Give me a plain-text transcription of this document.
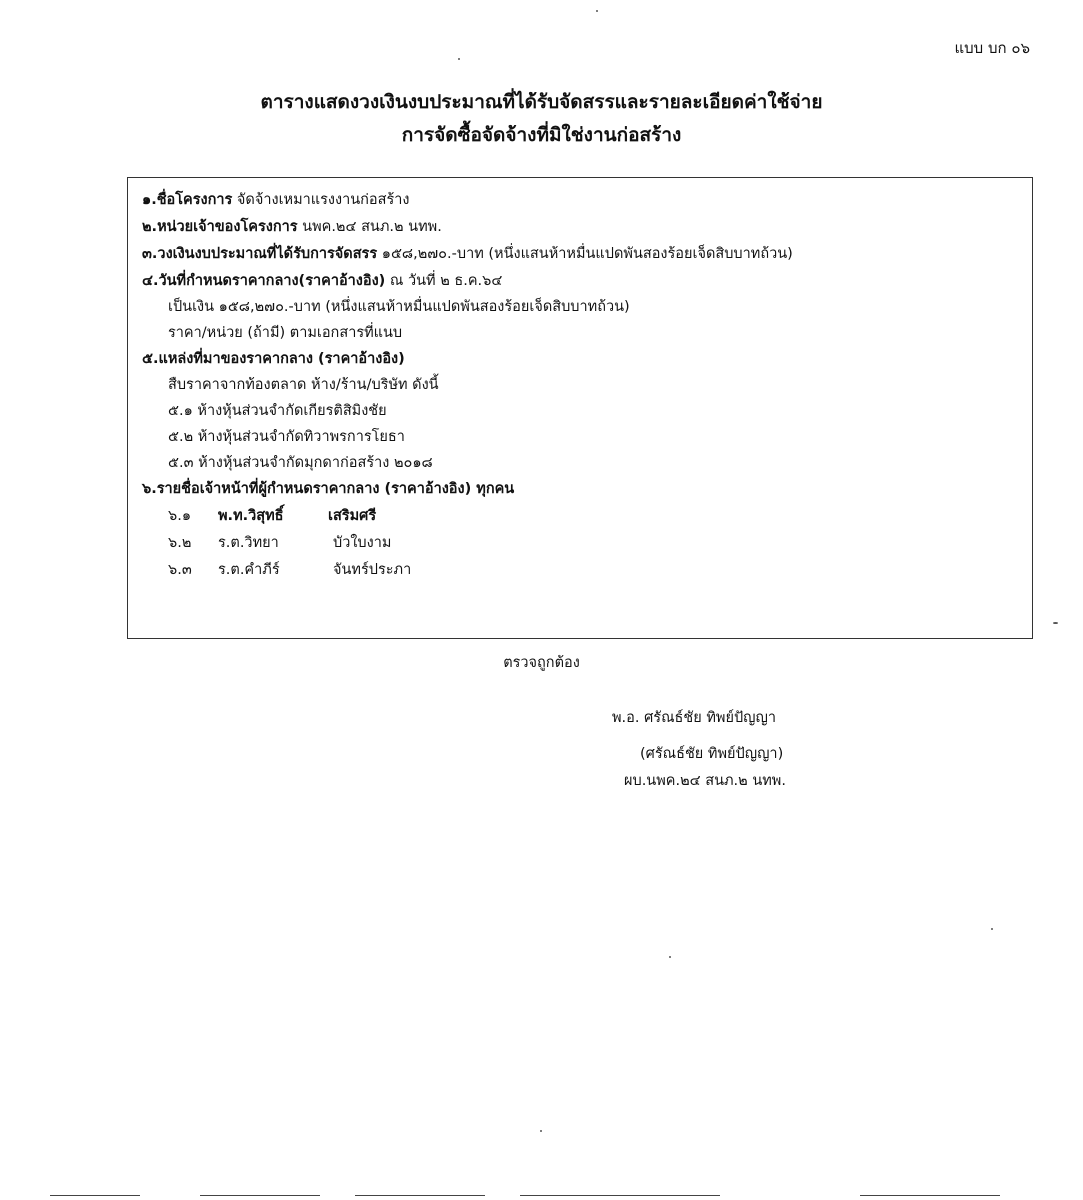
แบบ บก ๐๖
ตารางแสดงวงเงินงบประมาณที่ได้รับจัดสรรและรายละเอียดค่าใช้จ่าย
การจัดซื้อจัดจ้างที่มิใช่งานก่อสร้าง
๑.ชื่อโครงการ จัดจ้างเหมาแรงงานก่อสร้าง
๒.หน่วยเจ้าของโครงการ นพค.๒๔ สนภ.๒ นทพ.
๓.วงเงินงบประมาณที่ได้รับการจัดสรร ๑๕๘,๒๗๐.-บาท (หนึ่งแสนห้าหมื่นแปดพันสองร้อยเจ็ดสิบบาทถ้วน)
๔.วันที่กำหนดราคากลาง(ราคาอ้างอิง) ณ วันที่ ๒ ธ.ค.๖๔
เป็นเงิน ๑๕๘,๒๗๐.-บาท (หนึ่งแสนห้าหมื่นแปดพันสองร้อยเจ็ดสิบบาทถ้วน)
ราคา/หน่วย (ถ้ามี) ตามเอกสารที่แนบ
๕.แหล่งที่มาของราคากลาง (ราคาอ้างอิง)
สืบราคาจากท้องตลาด ห้าง/ร้าน/บริษัท ดังนี้
๕.๑ ห้างหุ้นส่วนจำกัดเกียรติสิมิงชัย
๕.๒ ห้างหุ้นส่วนจำกัดทิวาพรการโยธา
๕.๓ ห้างหุ้นส่วนจำกัดมุกดาก่อสร้าง ๒๐๑๘
๖.รายชื่อเจ้าหน้าที่ผู้กำหนดราคากลาง (ราคาอ้างอิง) ทุกคน
๖.๑ พ.ท.วิสุทธิ์	เสริมศรี
๖.๒ ร.ต.วิทยา	บัวใบงาม
๖.๓ ร.ต.คำภีร์	จันทร์ประภา
ตรวจถูกต้อง
พ.อ. ศรัณธ์ชัย ทิพย์ปัญญา
(ศรัณธ์ชัย ทิพย์ปัญญา)
ผบ.นพค.๒๔ สนภ.๒ นทพ.
